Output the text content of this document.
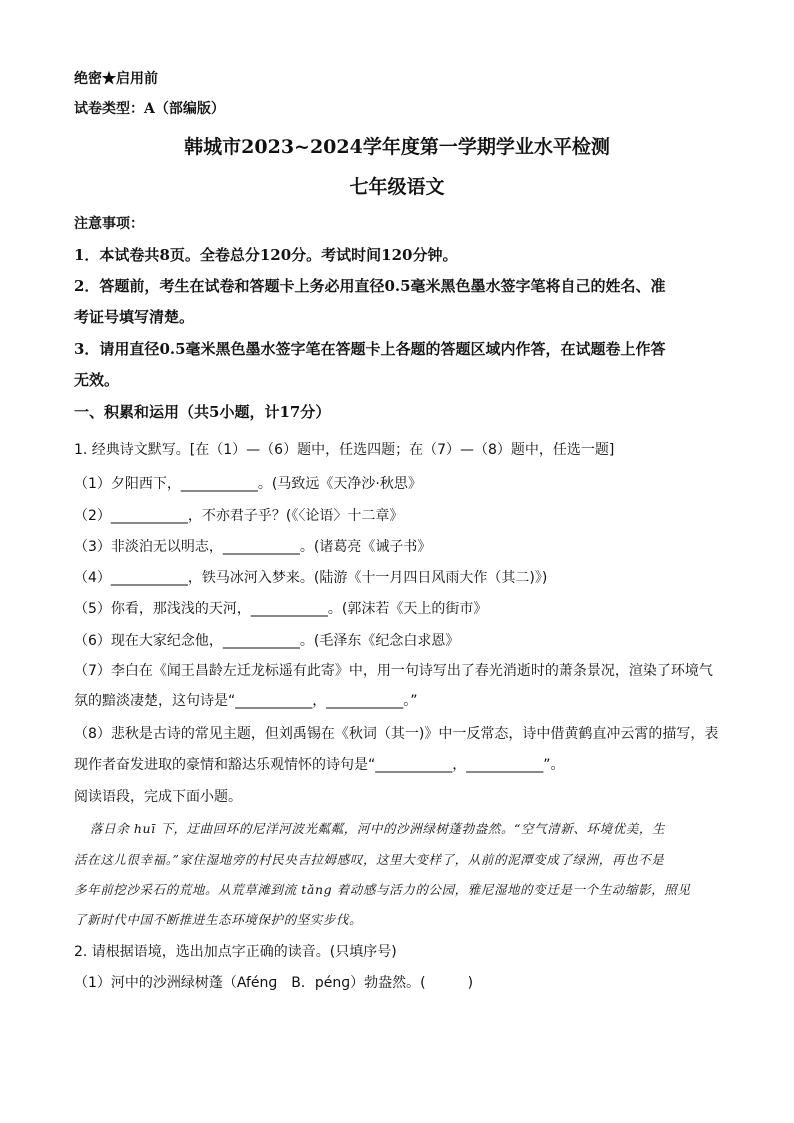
绝密★启用前
试卷类型：A（部编版）
韩城市2023~2024学年度第一学期学业水平检测
七年级语文
注意事项：
1．本试卷共8页。全卷总分120分。考试时间120分钟。
2．答题前，考生在试卷和答题卡上务必用直径0.5毫米黑色墨水签字笔将自己的姓名、准
考证号填写清楚。
3．请用直径0.5毫米黑色墨水签字笔在答题卡上各题的答题区域内作答，在试题卷上作答
无效。
一、积累和运用（共5小题，计17分）
1. 经典诗文默写。[在（1）—（6）题中，任选四题；在（7）—（8）题中，任选一题]
（1）夕阳西下，___________。(马致远《天净沙·秋思》
（2）___________，不亦君子乎？(《〈论语〉十二章》
（3）非淡泊无以明志，___________。(诸葛亮《诫子书》
（4）___________，铁马冰河入梦来。(陆游《十一月四日风雨大作（其二)》)
（5）你看，那浅浅的天河，___________。(郭沫若《天上的街市》
（6）现在大家纪念他，___________。(毛泽东《纪念白求恩》
（7）李白在《闻王昌龄左迁龙标遥有此寄》中，用一句诗写出了春光消逝时的萧条景况，渲染了环境气
氛的黯淡凄楚，这句诗是“___________，___________。”
（8）悲秋是古诗的常见主题，但刘禹锡在《秋词（其一)》中一反常态，诗中借黄鹤直冲云霄的描写，表
现作者奋发进取的豪情和豁达乐观情怀的诗句是“___________，___________”。
阅读语段，完成下面小题。
落日余 huī 下，迂曲回环的尼洋河波光粼粼，河中的沙洲绿树蓬勃盎然。“空气清新、环境优美，生
活在这儿很幸福。”家住湿地旁的村民央吉拉姆感叹，这里大变样了，从前的泥潭变成了绿洲，再也不是
多年前挖沙采石的荒地。从荒草滩到流 tǎng 着动感与活力的公园，雅尼湿地的变迁是一个生动缩影，照见
了新时代中国不断推进生态环境保护的坚实步伐。
2. 请根据语境，选出加点字正确的读音。(只填序号)
（1）河中的沙洲绿树蓬（Afénɡ　B．pénɡ）勃盎然。(　　　)
